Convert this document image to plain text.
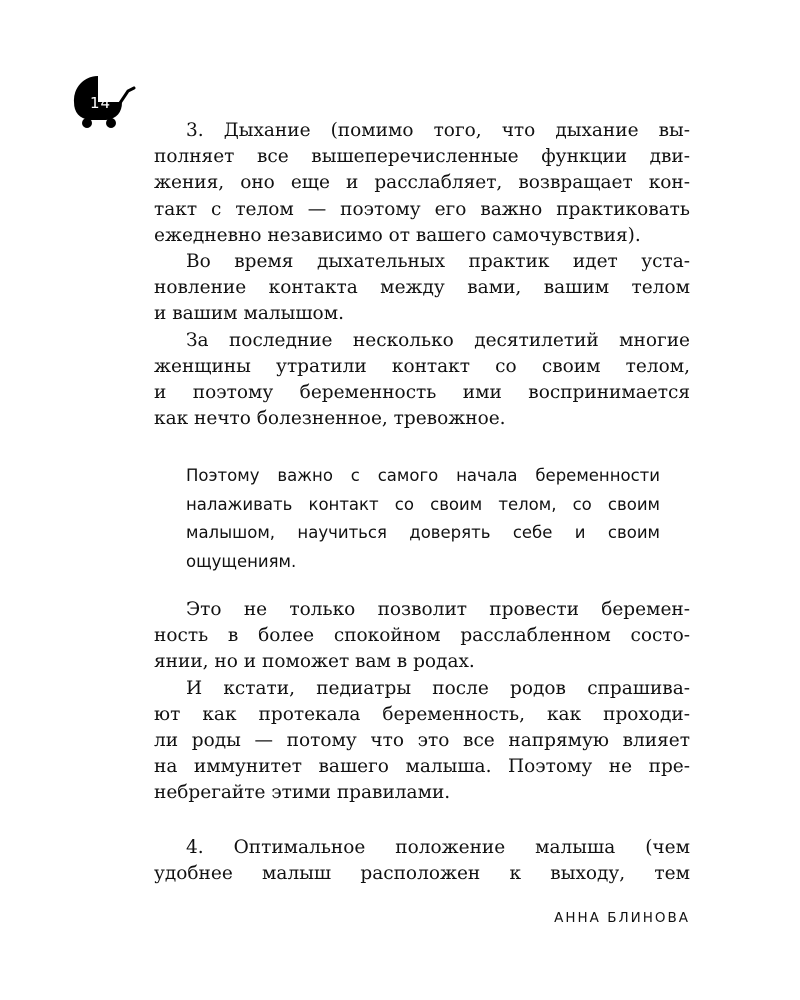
14
3. Дыхание (помимо того, что дыхание вы-
полняет все вышеперечисленные функции дви-
жения, оно еще и расслабляет, возвращает кон-
такт с телом — поэтому его важно практиковать
ежедневно независимо от вашего самочувствия).
Во время дыхательных практик идет уста-
новление контакта между вами, вашим телом
и вашим малышом.
За последние несколько десятилетий многие
женщины утратили контакт со своим телом,
и поэтому беременность ими воспринимается
как нечто болезненное, тревожное.
Поэтому важно с самого начала беременности
налаживать контакт со своим телом, со своим
малышом, научиться доверять себе и своим
ощущениям.
Это не только позволит провести беремен-
ность в более спокойном расслабленном состо-
янии, но и поможет вам в родах.
И кстати, педиатры после родов спрашива-
ют как протекала беременность, как проходи-
ли роды — потому что это все напрямую влияет
на иммунитет вашего малыша. Поэтому не пре-
небрегайте этими правилами.
4. Оптимальное положение малыша (чем
удобнее малыш расположен к выходу, тем
АННА БЛИНОВА
